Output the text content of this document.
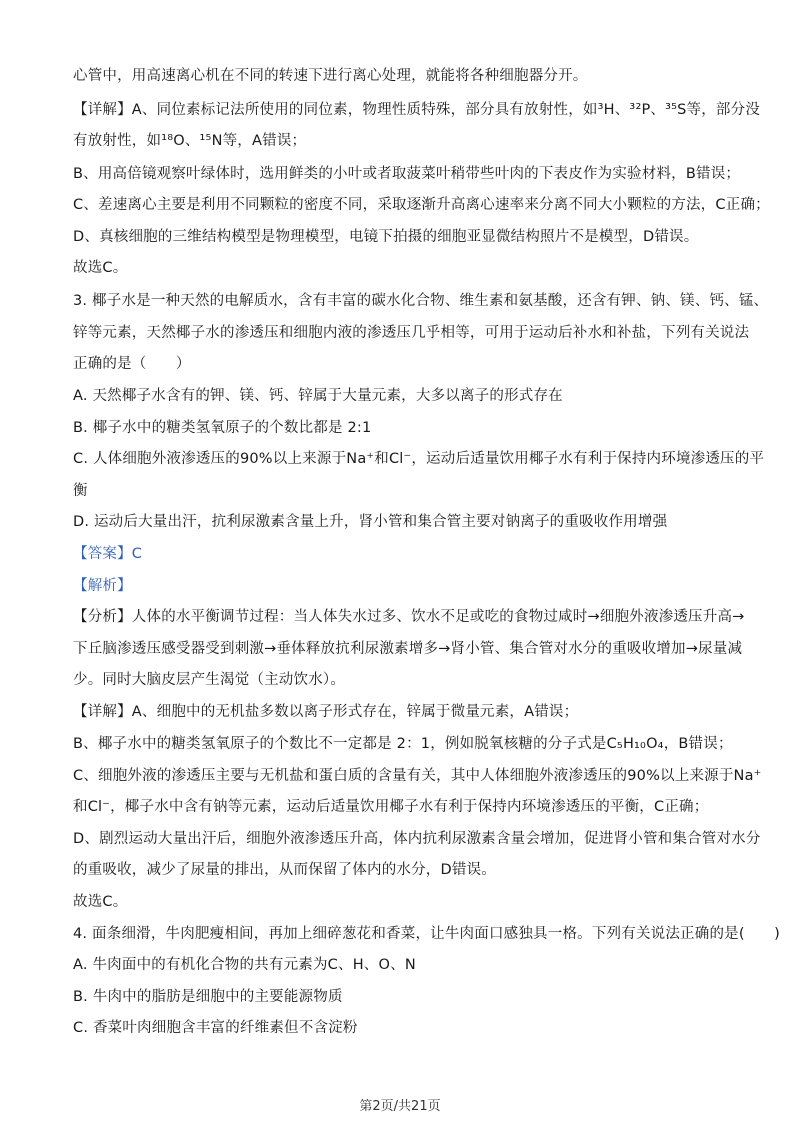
心管中，用高速离心机在不同的转速下进行离心处理，就能将各种细胞器分开。
【详解】A、同位素标记法所使用的同位素，物理性质特殊，部分具有放射性，如³H、³²P、³⁵S等，部分没
有放射性，如¹⁸O、¹⁵N等，A错误；
B、用高倍镜观察叶绿体时，选用鲜类的小叶或者取菠菜叶稍带些叶肉的下表皮作为实验材料，B错误；
C、差速离心主要是利用不同颗粒的密度不同，采取逐渐升高离心速率来分离不同大小颗粒的方法，C正确；
D、真核细胞的三维结构模型是物理模型，电镜下拍摄的细胞亚显微结构照片不是模型，D错误。
故选C。
3. 椰子水是一种天然的电解质水，含有丰富的碳水化合物、维生素和氨基酸，还含有钾、钠、镁、钙、锰、
锌等元素，天然椰子水的渗透压和细胞内液的渗透压几乎相等，可用于运动后补水和补盐，下列有关说法
正确的是（　　）
A. 天然椰子水含有的钾、镁、钙、锌属于大量元素，大多以离子的形式存在
B. 椰子水中的糖类氢氧原子的个数比都是 2:1
C. 人体细胞外液渗透压的90%以上来源于Na⁺和Cl⁻，运动后适量饮用椰子水有利于保持内环境渗透压的平
衡
D. 运动后大量出汗，抗利尿激素含量上升，肾小管和集合管主要对钠离子的重吸收作用增强
【答案】C
【解析】
【分析】人体的水平衡调节过程：当人体失水过多、饮水不足或吃的食物过咸时→细胞外液渗透压升高→
下丘脑渗透压感受器受到刺激→垂体释放抗利尿激素增多→肾小管、集合管对水分的重吸收增加→尿量减
少。同时大脑皮层产生渴觉（主动饮水）。
【详解】A、细胞中的无机盐多数以离子形式存在，锌属于微量元素，A错误；
B、椰子水中的糖类氢氧原子的个数比不一定都是 2：1，例如脱氧核糖的分子式是C₅H₁₀O₄，B错误；
C、细胞外液的渗透压主要与无机盐和蛋白质的含量有关，其中人体细胞外液渗透压的90%以上来源于Na⁺
和Cl⁻，椰子水中含有钠等元素，运动后适量饮用椰子水有利于保持内环境渗透压的平衡，C正确；
D、剧烈运动大量出汗后，细胞外液渗透压升高，体内抗利尿激素含量会增加，促进肾小管和集合管对水分
的重吸收，减少了尿量的排出，从而保留了体内的水分，D错误。
故选C。
4. 面条细滑，牛肉肥瘦相间，再加上细碎葱花和香菜，让牛肉面口感独具一格。下列有关说法正确的是(　　)
A. 牛肉面中的有机化合物的共有元素为C、H、O、N
B. 牛肉中的脂肪是细胞中的主要能源物质
C. 香菜叶肉细胞含丰富的纤维素但不含淀粉
第2页/共21页
